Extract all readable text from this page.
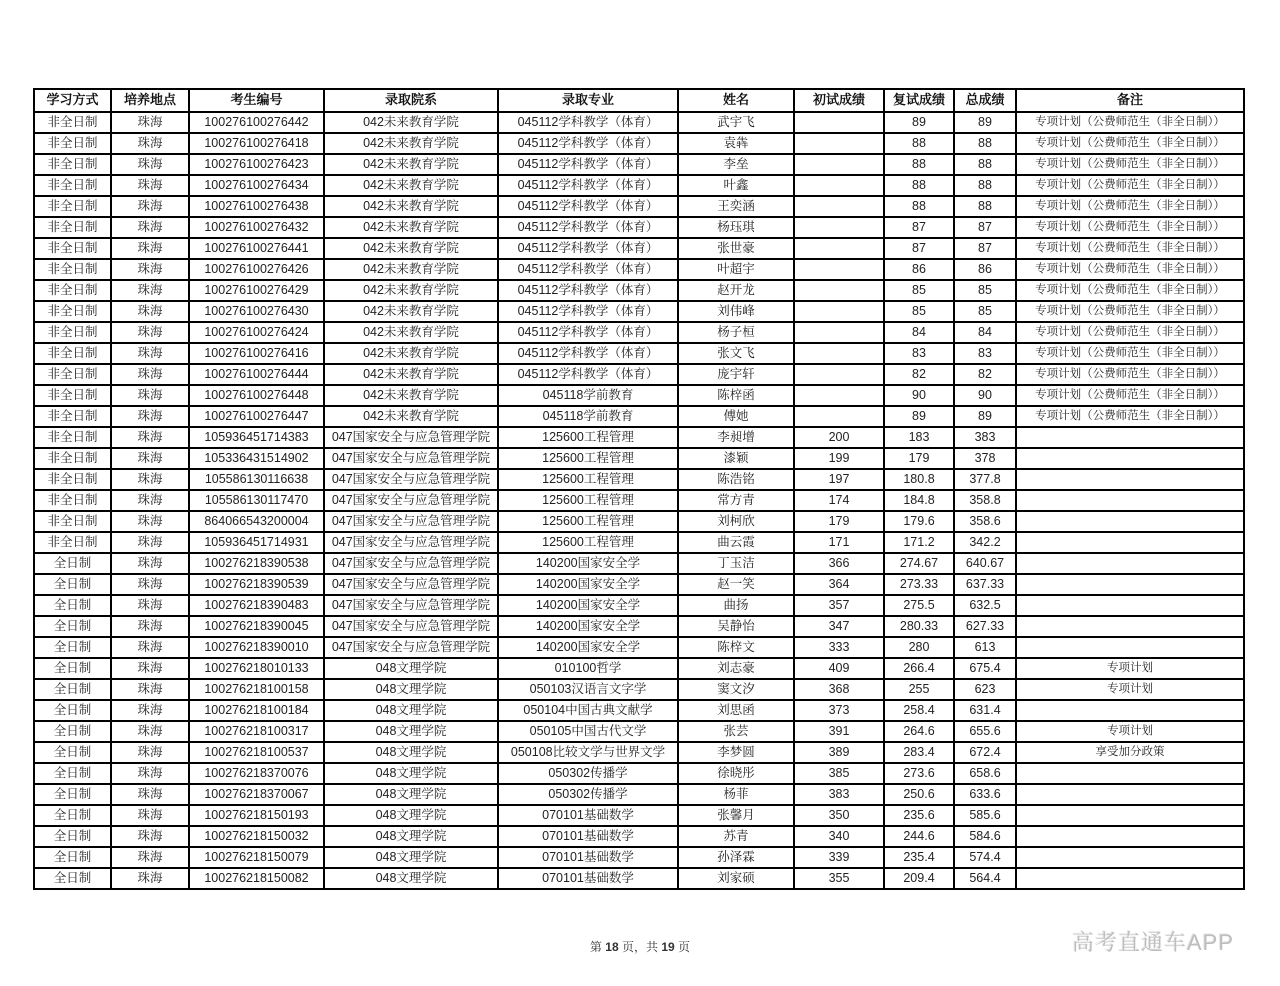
学习方式	培养地点	考生编号	录取院系	录取专业	姓名	初试成绩	复试成绩	总成绩	备注
非全日制	珠海	100276100276442	042未来教育学院	045112学科教学（体育）	武宇飞		89	89	专项计划（公费师范生（非全日制））
非全日制	珠海	100276100276418	042未来教育学院	045112学科教学（体育）	袁犇		88	88	专项计划（公费师范生（非全日制））
非全日制	珠海	100276100276423	042未来教育学院	045112学科教学（体育）	李垒		88	88	专项计划（公费师范生（非全日制））
非全日制	珠海	100276100276434	042未来教育学院	045112学科教学（体育）	叶鑫		88	88	专项计划（公费师范生（非全日制））
非全日制	珠海	100276100276438	042未来教育学院	045112学科教学（体育）	王奕涵		88	88	专项计划（公费师范生（非全日制））
非全日制	珠海	100276100276432	042未来教育学院	045112学科教学（体育）	杨珏琪		87	87	专项计划（公费师范生（非全日制））
非全日制	珠海	100276100276441	042未来教育学院	045112学科教学（体育）	张世豪		87	87	专项计划（公费师范生（非全日制））
非全日制	珠海	100276100276426	042未来教育学院	045112学科教学（体育）	叶超宇		86	86	专项计划（公费师范生（非全日制））
非全日制	珠海	100276100276429	042未来教育学院	045112学科教学（体育）	赵开龙		85	85	专项计划（公费师范生（非全日制））
非全日制	珠海	100276100276430	042未来教育学院	045112学科教学（体育）	刘伟峰		85	85	专项计划（公费师范生（非全日制））
非全日制	珠海	100276100276424	042未来教育学院	045112学科教学（体育）	杨子桓		84	84	专项计划（公费师范生（非全日制））
非全日制	珠海	100276100276416	042未来教育学院	045112学科教学（体育）	张文飞		83	83	专项计划（公费师范生（非全日制））
非全日制	珠海	100276100276444	042未来教育学院	045112学科教学（体育）	庞宇轩		82	82	专项计划（公费师范生（非全日制））
非全日制	珠海	100276100276448	042未来教育学院	045118学前教育	陈梓函		90	90	专项计划（公费师范生（非全日制））
非全日制	珠海	100276100276447	042未来教育学院	045118学前教育	傅她		89	89	专项计划（公费师范生（非全日制））
非全日制	珠海	105936451714383	047国家安全与应急管理学院	125600工程管理	李昶增	200	183	383	
非全日制	珠海	105336431514902	047国家安全与应急管理学院	125600工程管理	漆颖	199	179	378	
非全日制	珠海	105586130116638	047国家安全与应急管理学院	125600工程管理	陈浩铭	197	180.8	377.8	
非全日制	珠海	105586130117470	047国家安全与应急管理学院	125600工程管理	常方青	174	184.8	358.8	
非全日制	珠海	864066543200004	047国家安全与应急管理学院	125600工程管理	刘柯欣	179	179.6	358.6	
非全日制	珠海	105936451714931	047国家安全与应急管理学院	125600工程管理	曲云霞	171	171.2	342.2	
全日制	珠海	100276218390538	047国家安全与应急管理学院	140200国家安全学	丁玉洁	366	274.67	640.67	
全日制	珠海	100276218390539	047国家安全与应急管理学院	140200国家安全学	赵一笑	364	273.33	637.33	
全日制	珠海	100276218390483	047国家安全与应急管理学院	140200国家安全学	曲扬	357	275.5	632.5	
全日制	珠海	100276218390045	047国家安全与应急管理学院	140200国家安全学	吴静怡	347	280.33	627.33	
全日制	珠海	100276218390010	047国家安全与应急管理学院	140200国家安全学	陈梓文	333	280	613	
全日制	珠海	100276218010133	048文理学院	010100哲学	刘志豪	409	266.4	675.4	专项计划
全日制	珠海	100276218100158	048文理学院	050103汉语言文字学	窦文汐	368	255	623	专项计划
全日制	珠海	100276218100184	048文理学院	050104中国古典文献学	刘思函	373	258.4	631.4	
全日制	珠海	100276218100317	048文理学院	050105中国古代文学	张芸	391	264.6	655.6	专项计划
全日制	珠海	100276218100537	048文理学院	050108比较文学与世界文学	李梦圆	389	283.4	672.4	享受加分政策
全日制	珠海	100276218370076	048文理学院	050302传播学	徐晓彤	385	273.6	658.6	
全日制	珠海	100276218370067	048文理学院	050302传播学	杨菲	383	250.6	633.6	
全日制	珠海	100276218150193	048文理学院	070101基础数学	张馨月	350	235.6	585.6	
全日制	珠海	100276218150032	048文理学院	070101基础数学	苏青	340	244.6	584.6	
全日制	珠海	100276218150079	048文理学院	070101基础数学	孙泽霖	339	235.4	574.4	
全日制	珠海	100276218150082	048文理学院	070101基础数学	刘家硕	355	209.4	564.4	
第 18 页，共 19 页	高考直通车APP
